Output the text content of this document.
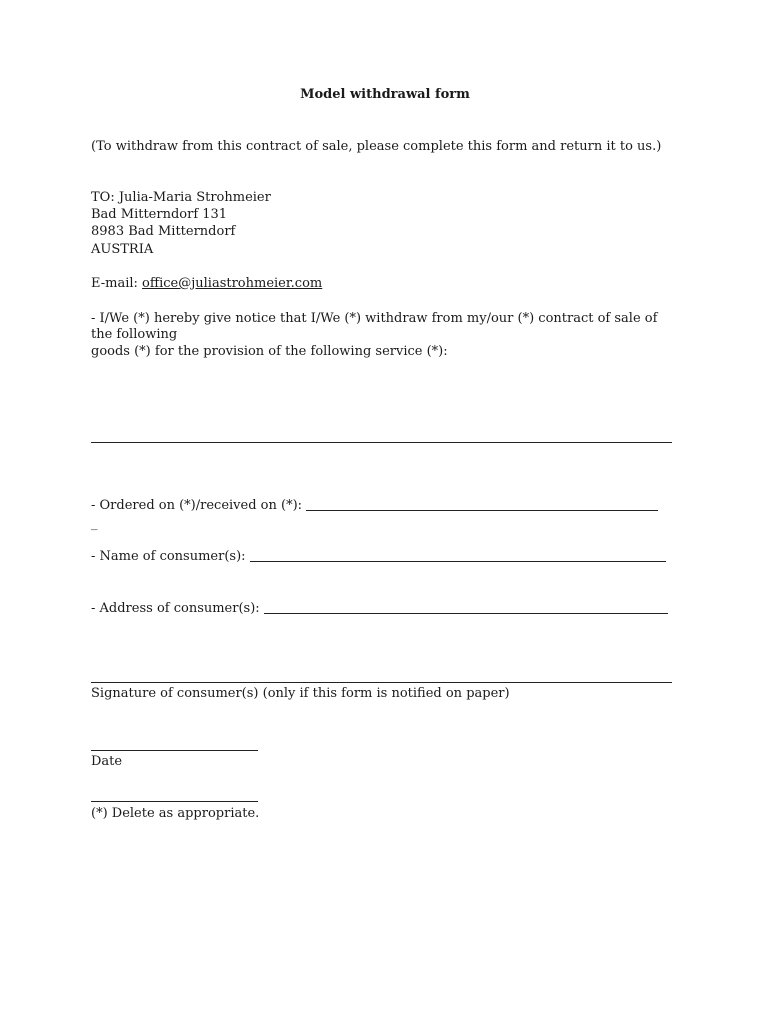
Model withdrawal form
(To withdraw from this contract of sale, please complete this form and return it to us.)
TO: Julia-Maria Strohmeier
Bad Mitterndorf 131
8983 Bad Mitterndorf
AUSTRIA
E-mail: office@juliastrohmeier.com
- I/We (*) hereby give notice that I/We (*) withdraw from my/our (*) contract of sale of
the following
goods (*) for the provision of the following service (*):
- Ordered on (*)/received on (*):
_
- Name of consumer(s):
- Address of consumer(s):
Signature of consumer(s) (only if this form is notified on paper)
Date
(*) Delete as appropriate.
